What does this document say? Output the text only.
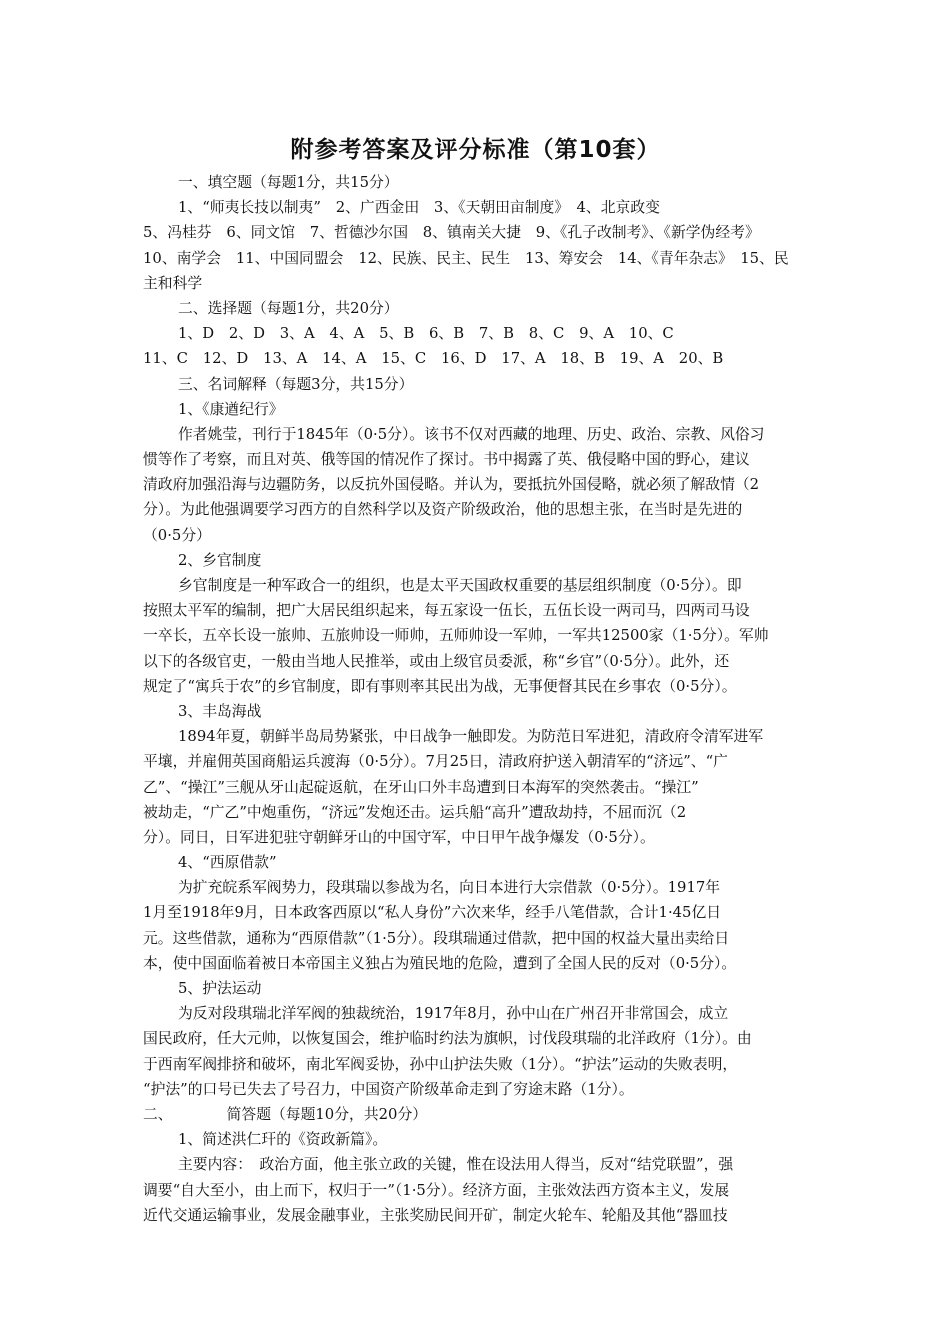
附参考答案及评分标准（第10套）
一、填空题（每题1分，共15分）
1、“师夷长技以制夷”　2、广西金田　3、《天朝田亩制度》　4、北京政变
5、冯桂芬　6、同文馆　7、哲德沙尔国　8、镇南关大捷　9、《孔子改制考》、《新学伪经考》
10、南学会　11、中国同盟会　12、民族、民主、民生　13、筹安会　14、《青年杂志》　15、民
主和科学
二、选择题（每题1分，共20分）
1、D　2、D　3、A　4、A　5、B　6、B　7、B　8、C　9、A　10、C
11、C　12、D　13、A　14、A　15、C　16、D　17、A　18、B　19、A　20、B
三、名词解释（每题3分，共15分）
1、《康遒纪行》
作者姚莹，刊行于1845年（0·5分）。该书不仅对西藏的地理、历史、政治、宗教、风俗习
惯等作了考察，而且对英、俄等国的情况作了探讨。书中揭露了英、俄侵略中国的野心，建议
清政府加强沿海与边疆防务，以反抗外国侵略。并认为，要抵抗外国侵略，就必须了解敌情（2
分）。为此他强调要学习西方的自然科学以及资产阶级政治，他的思想主张，在当时是先进的
（0·5分）
2、乡官制度
乡官制度是一种军政合一的组织，也是太平天国政权重要的基层组织制度（0·5分）。即
按照太平军的编制，把广大居民组织起来，每五家设一伍长，五伍长设一两司马，四两司马设
一卒长，五卒长设一旅帅、五旅帅设一师帅，五师帅设一军帅，一军共12500家（1·5分）。军帅
以下的各级官吏，一般由当地人民推举，或由上级官员委派，称“乡官”（0·5分）。此外，还
规定了“寓兵于农”的乡官制度，即有事则率其民出为战，无事便督其民在乡事农（0·5分）。
3、丰岛海战
1894年夏，朝鲜半岛局势紧张，中日战争一触即发。为防范日军进犯，清政府令清军进军
平壤，并雇佣英国商船运兵渡海（0·5分）。7月25日，清政府护送入朝清军的“济远”、“广
乙”、“操江”三舰从牙山起碇返航，在牙山口外丰岛遭到日本海军的突然袭击。“操江”
被劫走，“广乙”中炮重伤，“济远”发炮还击。运兵船“高升”遭敌劫持，不屈而沉（2
分）。同日，日军进犯驻守朝鲜牙山的中国守军，中日甲午战争爆发（0·5分）。
4、“西原借款”
为扩充皖系军阀势力，段琪瑞以参战为名，向日本进行大宗借款（0·5分）。1917年
1月至1918年9月，日本政客西原以“私人身份”六次来华，经手八笔借款，合计1·45亿日
元。这些借款，通称为“西原借款”（1·5分）。段琪瑞通过借款，把中国的权益大量出卖给日
本，使中国面临着被日本帝国主义独占为殖民地的危险，遭到了全国人民的反对（0·5分）。
5、护法运动
为反对段琪瑞北洋军阀的独裁统治，1917年8月，孙中山在广州召开非常国会，成立
国民政府，任大元帅，以恢复国会，维护临时约法为旗帜，讨伐段琪瑞的北洋政府（1分）。由
于西南军阀排挤和破坏，南北军阀妥协，孙中山护法失败（1分）。“护法”运动的失败表明，
“护法”的口号已失去了号召力，中国资产阶级革命走到了穷途末路（1分）。
二、	简答题（每题10分，共20分）
1、简述洪仁玕的《资政新篇》。
主要内容：　政治方面，他主张立政的关键，惟在设法用人得当，反对“结党联盟”，强
调要“自大至小，由上而下，权归于一”（1·5分）。经济方面，主张效法西方资本主义，发展
近代交通运输事业，发展金融事业，主张奖励民间开矿，制定火轮车、轮船及其他“器皿技
